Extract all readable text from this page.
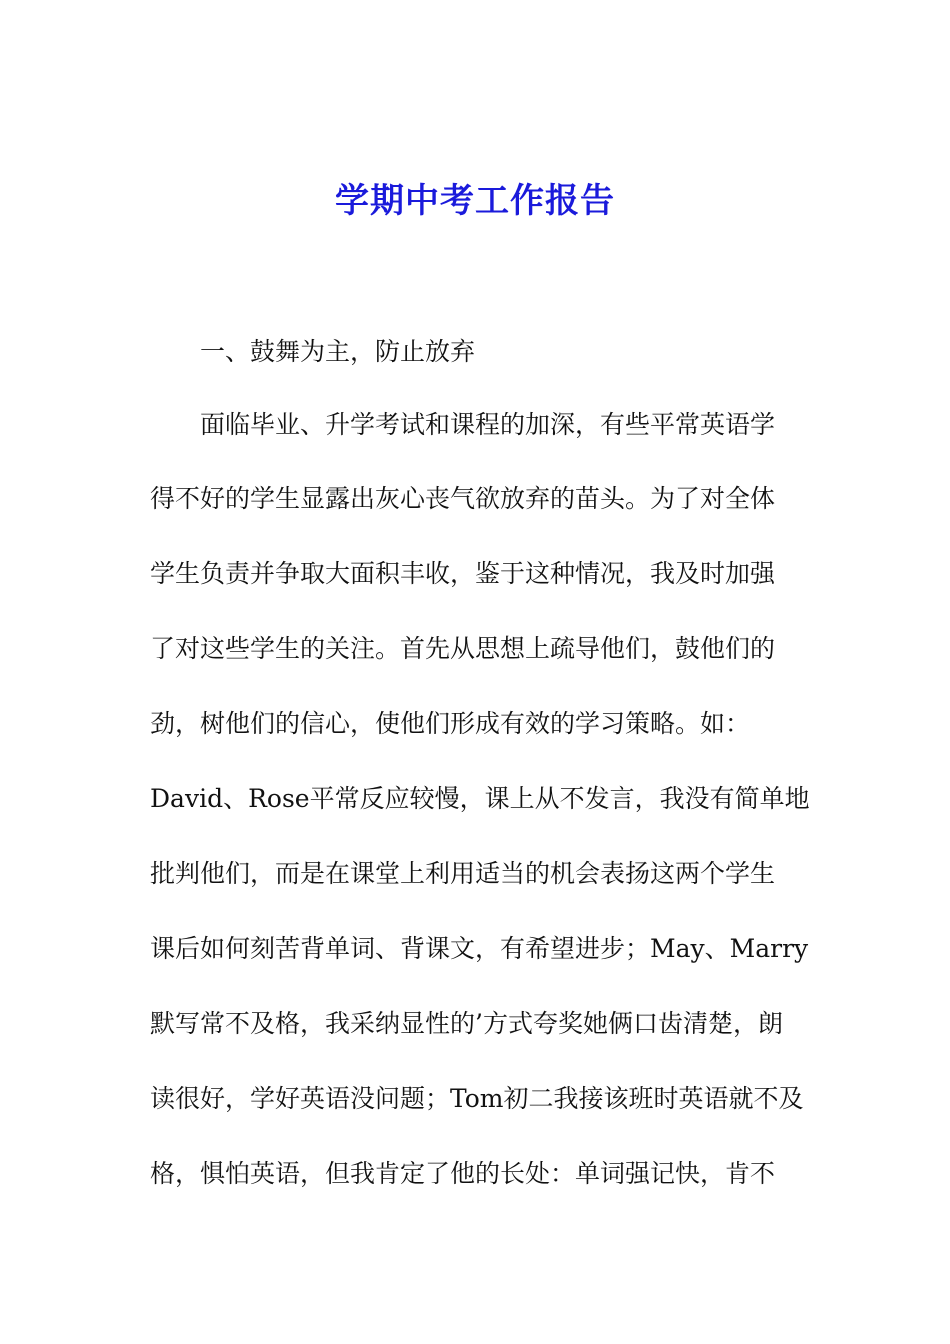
学期中考工作报告
一、鼓舞为主，防止放弃
面临毕业、升学考试和课程的加深，有些平常英语学
得不好的学生显露出灰心丧气欲放弃的苗头。为了对全体
学生负责并争取大面积丰收，鉴于这种情况，我及时加强
了对这些学生的关注。首先从思想上疏导他们，鼓他们的
劲，树他们的信心，使他们形成有效的学习策略。如：
David、Rose平常反应较慢，课上从不发言，我没有简单地
批判他们，而是在课堂上利用适当的机会表扬这两个学生
课后如何刻苦背单词、背课文，有希望进步；May、Marry
默写常不及格，我采纳显性的’方式夸奖她俩口齿清楚，朗
读很好，学好英语没问题；Tom初二我接该班时英语就不及
格，惧怕英语，但我肯定了他的长处：单词强记快，肯不
